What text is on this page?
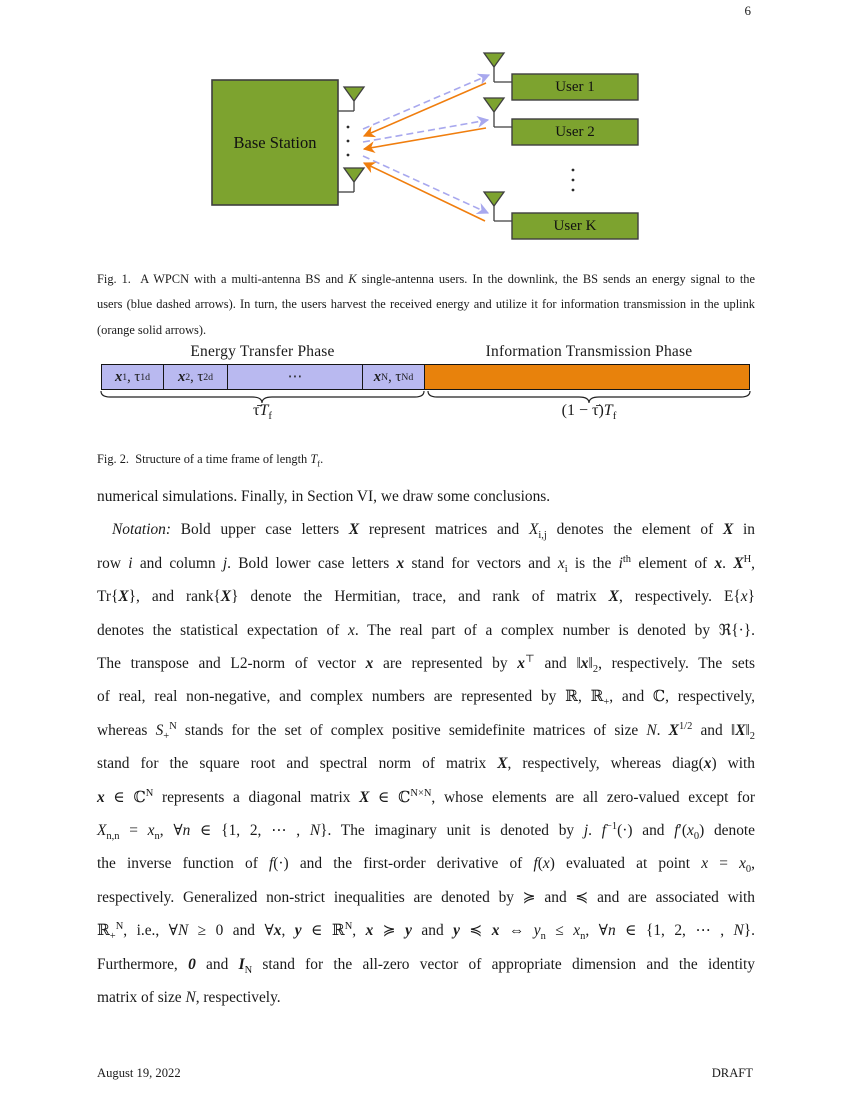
6
Base Station
User 1
User 2
User K
Fig. 1.  A WPCN with a multi-antenna BS and K single-antenna users. In the downlink, the BS sends an energy signal to the
users (blue dashed arrows). In turn, the users harvest the received energy and utilize it for information transmission in the uplink
(orange solid arrows).
Energy Transfer Phase	Information Transmission Phase
x 1 , τ 1 d x 2 , τ 2 d	⋯	x N , τ N d
$\taūT_f$	$(1 - \taū)T_f$
Fig. 2.  Structure of a time frame of length $T_f$.
numerical simulations. Finally, in Section VI, we draw some conclusions.
Notation: Bold upper case letters X represent matrices and $X_{i,j}$ denotes the element of X in
row i and column j. Bold lower case letters x stand for vectors and $x_i$ is the $i^{th}$ element of x. $X^H$,
Tr{X}, and rank{X} denote the Hermitian, trace, and rank of matrix X, respectively. E{x}
denotes the statistical expectation of x. The real part of a complex number is denoted by ℜ{·}.
The transpose and L2-norm of vector x are represented by x⊤ and $‖x‖_2$, respectively. The sets
of real, real non-negative, and complex numbers are represented by ℝ, ℝ$_+$, and ℂ, respectively,
whereas $S_+^N$ stands for the set of complex positive semidefinite matrices of size N. $X^{1/2}$ and $‖X‖_2$
stand for the square root and spectral norm of matrix X, respectively, whereas diag(x) with
x ∈ ℂ$^N$ represents a diagonal matrix X ∈ ℂ$^{N\times N}$, whose elements are all zero-valued except for
$X_{n,n} = x_n$, ∀n ∈ {1, 2, ⋯ , N}. The imaginary unit is denoted by j. $f^{-1}(\cdot)$ and $f'(x_0)$ denote
the inverse function of f(·) and the first-order derivative of f(x) evaluated at point $x = x_0$,
respectively. Generalized non-strict inequalities are denoted by ≽ and ≼ and are associated with
ℝ$_+^N$, i.e., ∀N ≥ 0 and ∀x, y ∈ ℝ$^N$, x ≽ y and y ≼ x ⇔ $y_n \le x_n$, ∀n ∈ {1, 2, ⋯ , N}.
Furthermore, 0 and $I_N$ stand for the all-zero vector of appropriate dimension and the identity
matrix of size N, respectively.
August 19, 2022	DRAFT
